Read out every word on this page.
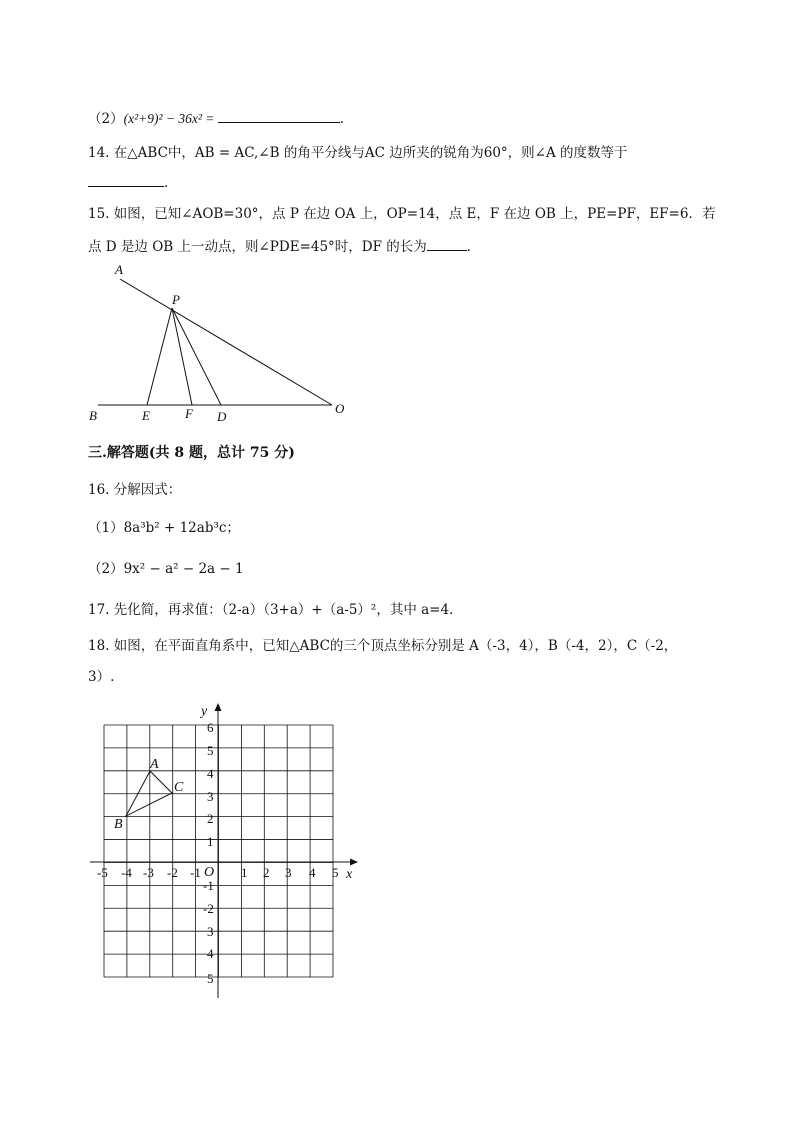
（2）(x²+9)² − 36x² =	.
14. 在△ABC中，AB = AC,∠B 的角平分线与AC 边所夹的锐角为60°，则∠A 的度数等于
.
15. 如图，已知∠AOB=30°，点 P 在边 OA 上，OP=14，点 E，F 在边 OB 上，PE=PF，EF=6．若
点 D 是边 OB 上一动点，则∠PDE=45°时，DF 的长为	．
A
P
B	E	F D
O
三.解答题(共 8 题，总计 75 分)
16. 分解因式：
（1）8a³b² + 12ab³c；
（2）9x² − a² − 2a − 1
17. 先化简，再求值：（2-a）（3+a）+（a-5）²，其中 a=4．
18. 如图，在平面直角系中，已知△ABC的三个顶点坐标分别是 A（-3，4），B（-4，2），C（-2，
3）.
-5 -4 -3 -2 -1	1 2 3 4 5
1
2
3
4
5
6
-1
-2
3
4
5
x
y
O
A
B
C
